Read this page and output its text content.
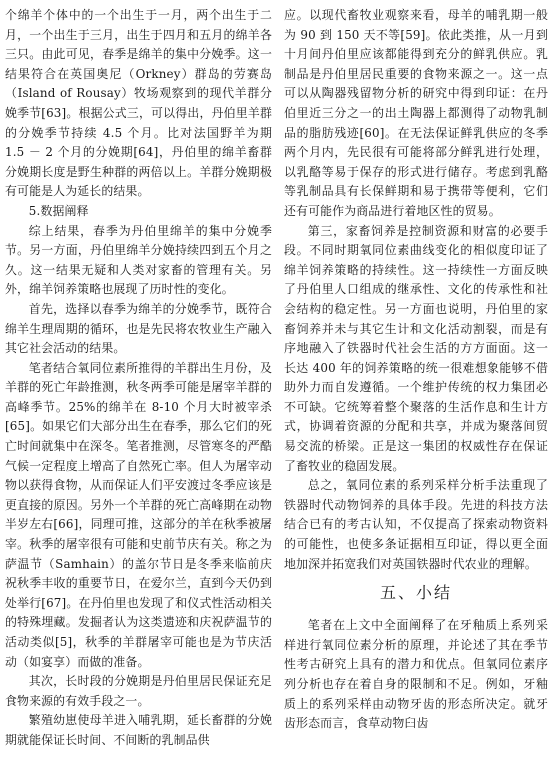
个绵羊个体中的一个出生于一月，两个出生于二月，一个出生于三月，出生于四月和五月的绵羊各三只。由此可见，春季是绵羊的集中分娩季。这一结果符合在英国奥尼（Orkney）群岛的劳赛岛（Island of Rousay）牧场观察到的现代羊群分娩季节[63]。根据公式三，可以得出，丹伯里羊群的分娩季节持续 4.5 个月。比对法国野羊为期 1.5 － 2 个月的分娩期[64]，丹伯里的绵羊畜群分娩期长度是野生种群的两倍以上。羊群分娩期极有可能是人为延长的结果。

5.数据阐释

综上结果，春季为丹伯里绵羊的集中分娩季节。另一方面，丹伯里绵羊分娩持续四到五个月之久。这一结果无疑和人类对家畜的管理有关。另外，绵羊饲养策略也展现了历时性的变化。

首先，选择以春季为绵羊的分娩季节，既符合绵羊生理周期的循环，也是先民将农牧业生产融入其它社会活动的结果。

笔者结合氧同位素所推得的羊群出生月份，及羊群的死亡年龄推测，秋冬两季可能是屠宰羊群的高峰季节。25%的绵羊在 8-10 个月大时被宰杀[65]。如果它们大部分出生在春季，那么它们的死亡时间就集中在深冬。笔者推测，尽管寒冬的严酷气候一定程度上增高了自然死亡率。但人为屠宰动物以获得食物，从而保证人们平安渡过冬季应该是更直接的原因。另外一个羊群的死亡高峰期在动物半岁左右[66]，同理可推，这部分的羊在秋季被屠宰。秋季的屠宰很有可能和史前节庆有关。称之为萨温节（Samhain）的盖尔节日是冬季来临前庆祝秋季丰收的重要节日，在爱尔兰，直到今天仍到处举行[67]。在丹伯里也发现了和仪式性活动相关的特殊埋藏。发掘者认为这类遗迹和庆祝萨温节的活动类似[5]，秋季的羊群屠宰可能也是为节庆活动（如宴享）而做的准备。

其次，长时段的分娩期是丹伯里居民保证充足食物来源的有效手段之一。

繁殖幼崽使母羊进入哺乳期，延长畜群的分娩期就能保证长时间、不间断的乳制品供

应。以现代畜牧业观察来看，母羊的哺乳期一般为 90 到 150 天不等[59]。依此类推，从一月到十月间丹伯里应该都能得到充分的鲜乳供应。乳制品是丹伯里居民重要的食物来源之一。这一点可以从陶器残留物分析的研究中得到印证：在丹伯里近三分之一的出土陶器上都测得了动物乳制品的脂肪残迹[60]。在无法保证鲜乳供应的冬季两个月内，先民很有可能将部分鲜乳进行处理，以乳酪等易于保存的形式进行储存。考虑到乳酪等乳制品具有长保鲜期和易于携带等便利，它们还有可能作为商品进行着地区性的贸易。

第三，家畜饲养是控制资源和财富的必要手段。不同时期氧同位素曲线变化的相似度印证了绵羊饲养策略的持续性。这一持续性一方面反映了丹伯里人口组成的继承性、文化的传承性和社会结构的稳定性。另一方面也说明，丹伯里的家畜饲养并未与其它生计和文化活动割裂，而是有序地融入了铁器时代社会生活的方方面面。这一长达 400 年的饲养策略的统一很难想象能够不借助外力而自发遵循。一个维护传统的权力集团必不可缺。它统筹着整个聚落的生活作息和生计方式，协调着资源的分配和共享，并成为聚落间贸易交流的桥梁。正是这一集团的权威性存在保证了畜牧业的稳固发展。

总之，氧同位素的系列采样分析手法重现了铁器时代动物饲养的具体手段。先进的科技方法结合已有的考古认知，不仅提高了探索动物资料的可能性，也使多条证据相互印证，得以更全面地加深并拓宽我们对英国铁器时代农业的理解。

五、小结

笔者在上文中全面阐释了在牙釉质上系列采样进行氧同位素分析的原理，并论述了其在季节性考古研究上具有的潜力和优点。但氧同位素序列分析也存在着自身的限制和不足。例如，牙釉质上的系列采样由动物牙齿的形态所决定。就牙齿形态而言，食草动物臼齿
